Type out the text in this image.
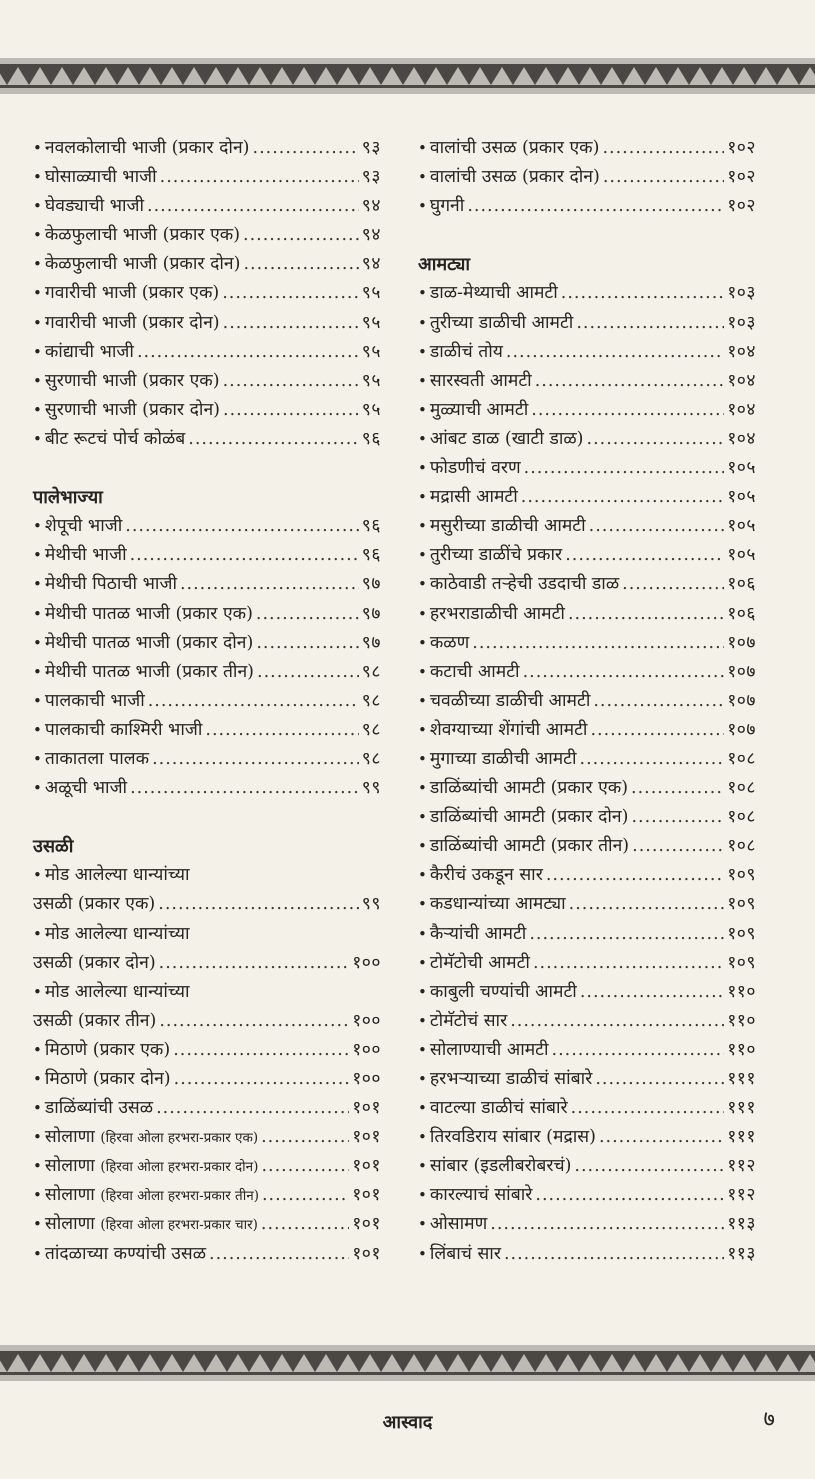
• नवलकोलाची भाजी (प्रकार दोन) .....	९३
• घोसाळ्याची भाजी .....	९३
• घेवड्याची भाजी .....	९४
• केळफुलाची भाजी (प्रकार एक) .....	९४
• केळफुलाची भाजी (प्रकार दोन) .....	९४
• गवारीची भाजी (प्रकार एक) .....	९५
• गवारीची भाजी (प्रकार दोन) .....	९५
• कांद्याची भाजी .....	९५
• सुरणाची भाजी (प्रकार एक) .....	९५
• सुरणाची भाजी (प्रकार दोन) .....	९५
• बीट रूटचं पोर्च कोळंब .....	९६
पालेभाज्या
• शेपूची भाजी .....	९६
• मेथीची भाजी .....	९६
• मेथीची पिठाची भाजी .....	९७
• मेथीची पातळ भाजी (प्रकार एक) .....	९७
• मेथीची पातळ भाजी (प्रकार दोन) .....	९७
• मेथीची पातळ भाजी (प्रकार तीन) .....	९८
• पालकाची भाजी .....	९८
• पालकाची काश्मिरी भाजी .....	९८
• ताकातला पालक .....	९८
• अळूची भाजी .....	९९
उसळी
• मोड आलेल्या धान्यांच्या
उसळी (प्रकार एक) .....	९९
• मोड आलेल्या धान्यांच्या
उसळी (प्रकार दोन) .....	१००
• मोड आलेल्या धान्यांच्या
उसळी (प्रकार तीन) .....	१००
• मिठाणे (प्रकार एक) .....	१००
• मिठाणे (प्रकार दोन) .....	१००
• डाळिंब्यांची उसळ .....	१०१
• सोलाणा (हिरवा ओला हरभरा-प्रकार एक) .....	१०१
• सोलाणा (हिरवा ओला हरभरा-प्रकार दोन) .....	१०१
• सोलाणा (हिरवा ओला हरभरा-प्रकार तीन) .....	१०१
• सोलाणा (हिरवा ओला हरभरा-प्रकार चार) .....	१०१
• तांदळाच्या कण्यांची उसळ .....	१०१
• वालांची उसळ (प्रकार एक) .....	१०२
• वालांची उसळ (प्रकार दोन) .....	१०२
• घुगनी .....	१०२
आमट्या
• डाळ-मेथ्याची आमटी .....	१०३
• तुरीच्या डाळीची आमटी .....	१०३
• डाळीचं तोय .....	१०४
• सारस्वती आमटी .....	१०४
• मुळ्याची आमटी .....	१०४
• आंबट डाळ (खाटी डाळ) .....	१०४
• फोडणीचं वरण .....	१०५
• मद्रासी आमटी .....	१०५
• मसुरीच्या डाळीची आमटी .....	१०५
• तुरीच्या डाळींचे प्रकार .....	१०५
• काठेवाडी तऱ्हेची उडदाची डाळ .....	१०६
• हरभराडाळीची आमटी .....	१०६
• कळण .....	१०७
• कटाची आमटी .....	१०७
• चवळीच्या डाळीची आमटी .....	१०७
• शेवग्याच्या शेंगांची आमटी .....	१०७
• मुगाच्या डाळीची आमटी .....	१०८
• डाळिंब्यांची आमटी (प्रकार एक) .....	१०८
• डाळिंब्यांची आमटी (प्रकार दोन) .....	१०८
• डाळिंब्यांची आमटी (प्रकार तीन) .....	१०८
• कैरीचं उकडून सार .....	१०९
• कडधान्यांच्या आमट्या .....	१०९
• कैऱ्यांची आमटी .....	१०९
• टोमॅटोची आमटी .....	१०९
• काबुली चण्यांची आमटी .....	११०
• टोमॅटोचं सार .....	११०
• सोलाण्याची आमटी .....	११०
• हरभऱ्याच्या डाळीचं सांबारे .....	१११
• वाटल्या डाळीचं सांबारे .....	१११
• तिरवडिराय सांबार (मद्रास) .....	१११
• सांबार (इडलीबरोबरचं) .....	११२
• कारल्याचं सांबारे .....	११२
• ओसामण .....	११३
• लिंबाचं सार .....	११३
आस्वाद	७
